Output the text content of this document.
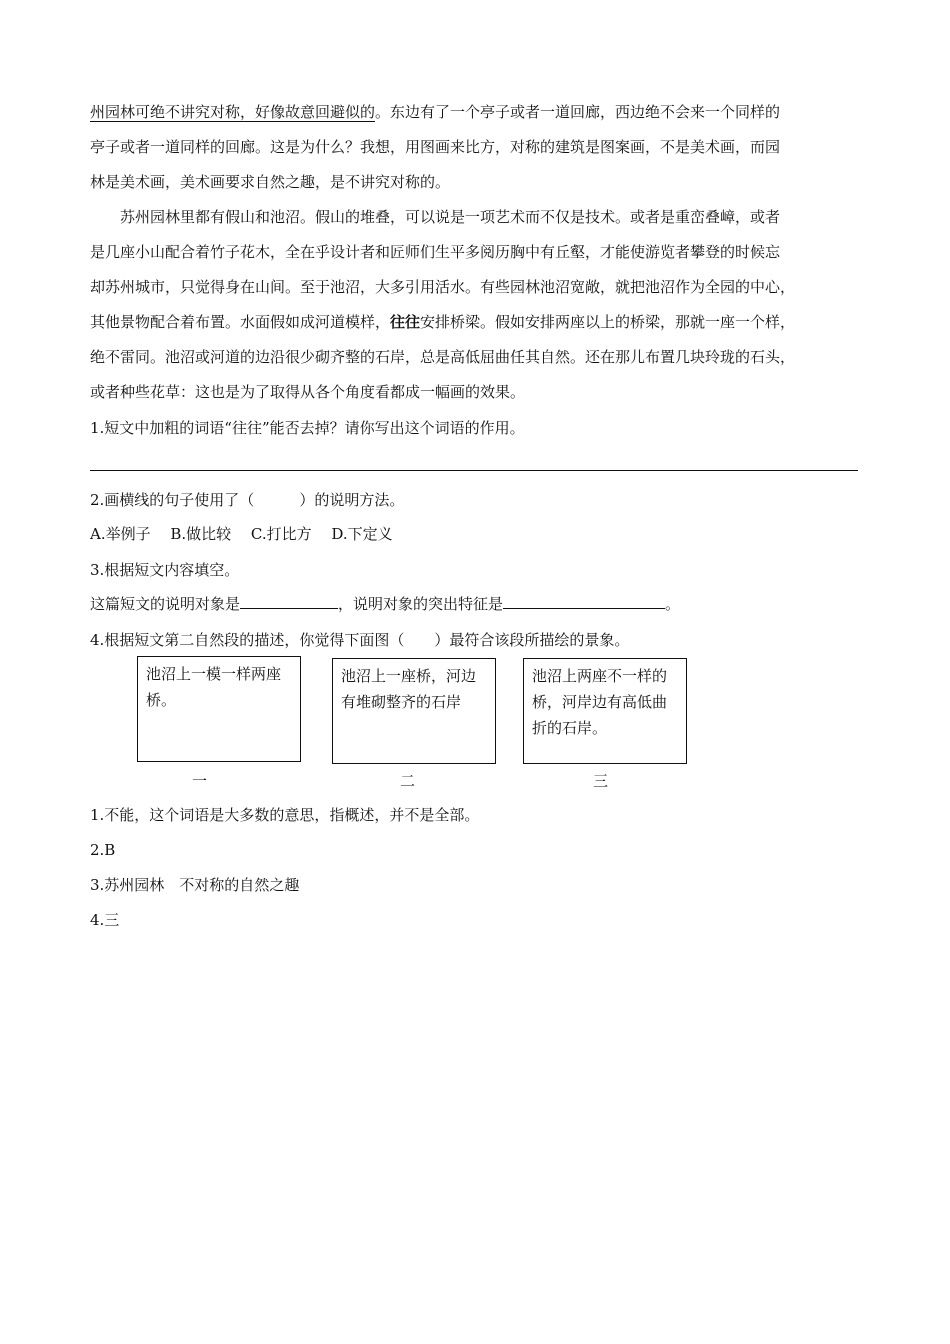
州园林可绝不讲究对称，好像故意回避似的。东边有了一个亭子或者一道回廊，西边绝不会来一个同样的
亭子或者一道同样的回廊。这是为什么？我想，用图画来比方，对称的建筑是图案画，不是美术画，而园
林是美术画，美术画要求自然之趣，是不讲究对称的。
苏州园林里都有假山和池沼。假山的堆叠，可以说是一项艺术而不仅是技术。或者是重峦叠嶂，或者
是几座小山配合着竹子花木，全在乎设计者和匠师们生平多阅历胸中有丘壑，才能使游览者攀登的时候忘
却苏州城市，只觉得身在山间。至于池沼，大多引用活水。有些园林池沼宽敞，就把池沼作为全园的中心，
其他景物配合着布置。水面假如成河道模样，往往安排桥梁。假如安排两座以上的桥梁，那就一座一个样，
绝不雷同。池沼或河道的边沿很少砌齐整的石岸，总是高低屈曲任其自然。还在那儿布置几块玲珑的石头，
或者种些花草：这也是为了取得从各个角度看都成一幅画的效果。
1.短文中加粗的词语“往往”能否去掉？请你写出这个词语的作用。
2.画横线的句子使用了（　　　）的说明方法。
A.举例子　 B.做比较　 C.打比方　 D.下定义
3.根据短文内容填空。
这篇短文的说明对象是	，说明对象的突出特征是	。
4.根据短文第二自然段的描述，你觉得下面图（　　）最符合该段所描绘的景象。
池沼上一模一样两座桥。
池沼上一座桥，河边有堆砌整齐的石岸
池沼上两座不一样的桥，河岸边有高低曲折的石岸。
一	二	三
1.不能，这个词语是大多数的意思，指概述，并不是全部。
2.B
3.苏州园林　不对称的自然之趣
4.三
